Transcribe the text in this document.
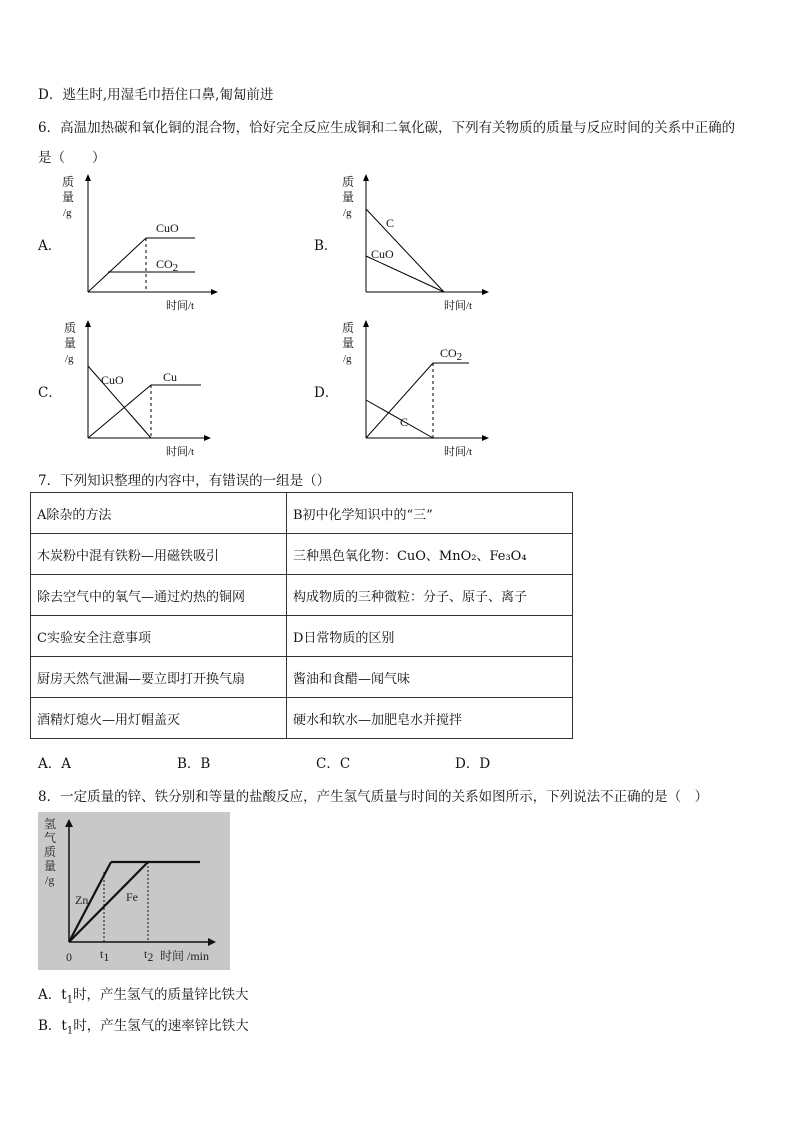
D．逃生时,用湿毛巾捂住口鼻,匍匐前进
6．高温加热碳和氧化铜的混合物，恰好完全反应生成铜和二氧化碳，下列有关物质的质量与反应时间的关系中正确的
是（　　）
A．
质
量
/g
时间/t
CuO
CO2
B．
质
量
/g
时间/t
C
CuO
C．
质
量
/g
时间/t
CuO	Cu
D．
质
量
/g
时间/t
CO2
C
7．下列知识整理的内容中，有错误的一组是（）
A除杂的方法	B初中化学知识中的“三”
木炭粉中混有铁粉—用磁铁吸引	三种黑色氧化物：CuO、MnO₂、Fe₃O₄
除去空气中的氧气—通过灼热的铜网	构成物质的三种微粒：分子、原子、离子
C实验安全注意事项	D日常物质的区别
厨房天然气泄漏—要立即打开换气扇	酱油和食醋—闻气味
酒精灯熄火—用灯帽盖灭	硬水和软水—加肥皂水并搅拌
A．A	B．B	C．C	D．D
8．一定质量的锌、铁分别和等量的盐酸反应，产生氢气质量与时间的关系如图所示，下列说法不正确的是（　）
氢
气
质
量
/g
Zn	Fe
0 t1	t2 时间 /min
A．$t_1$时，产生氢气的质量锌比铁大
B．$t_1$时，产生氢气的速率锌比铁大
